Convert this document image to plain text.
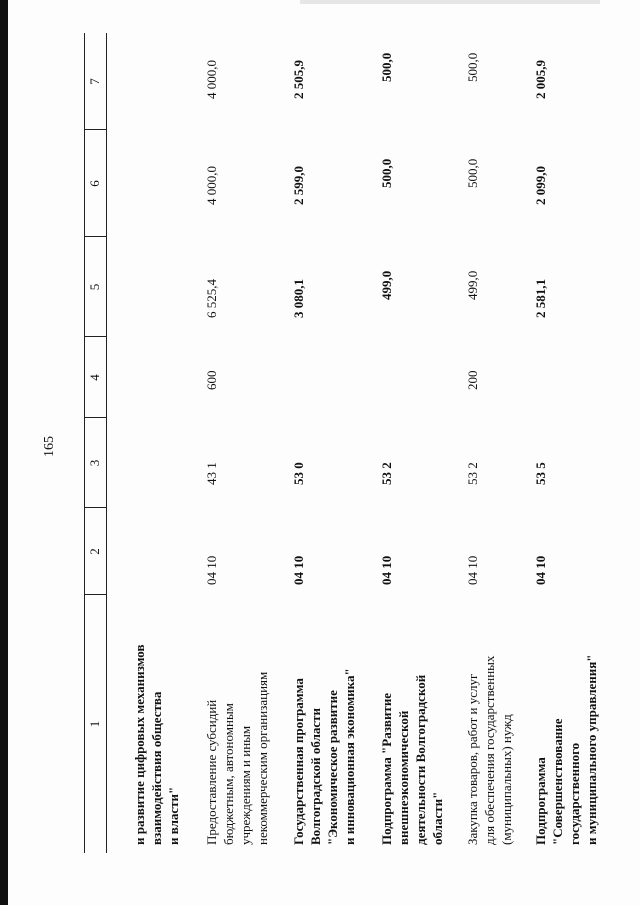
165
1
2
3
4
5
6
7
и развитие цифровых механизмов взаимодействия общества и власти" Предоставление субсидий бюджетным, автономным учреждениям и иным некоммерческим организациям
04 10
43 1
600
6 525,4
4 000,0
4 000,0
Государственная программа Волгоградской области "Экономическое развитие и инновационная экономика"
04 10
53 0
3 080,1
2 599,0
2 505,9
Подпрограмма "Развитие внешнеэкономической деятельности Волгоградской области"
04 10
53 2
499,0
500,0
500,0
Закупка товаров, работ и услуг для обеспечения государственных (муниципальных) нужд
04 10
53 2
200
499,0
500,0
500,0
Подпрограмма "Совершенствование государственного и муниципального управления"
04 10
53 5
2 581,1
2 099,0
2 005,9
